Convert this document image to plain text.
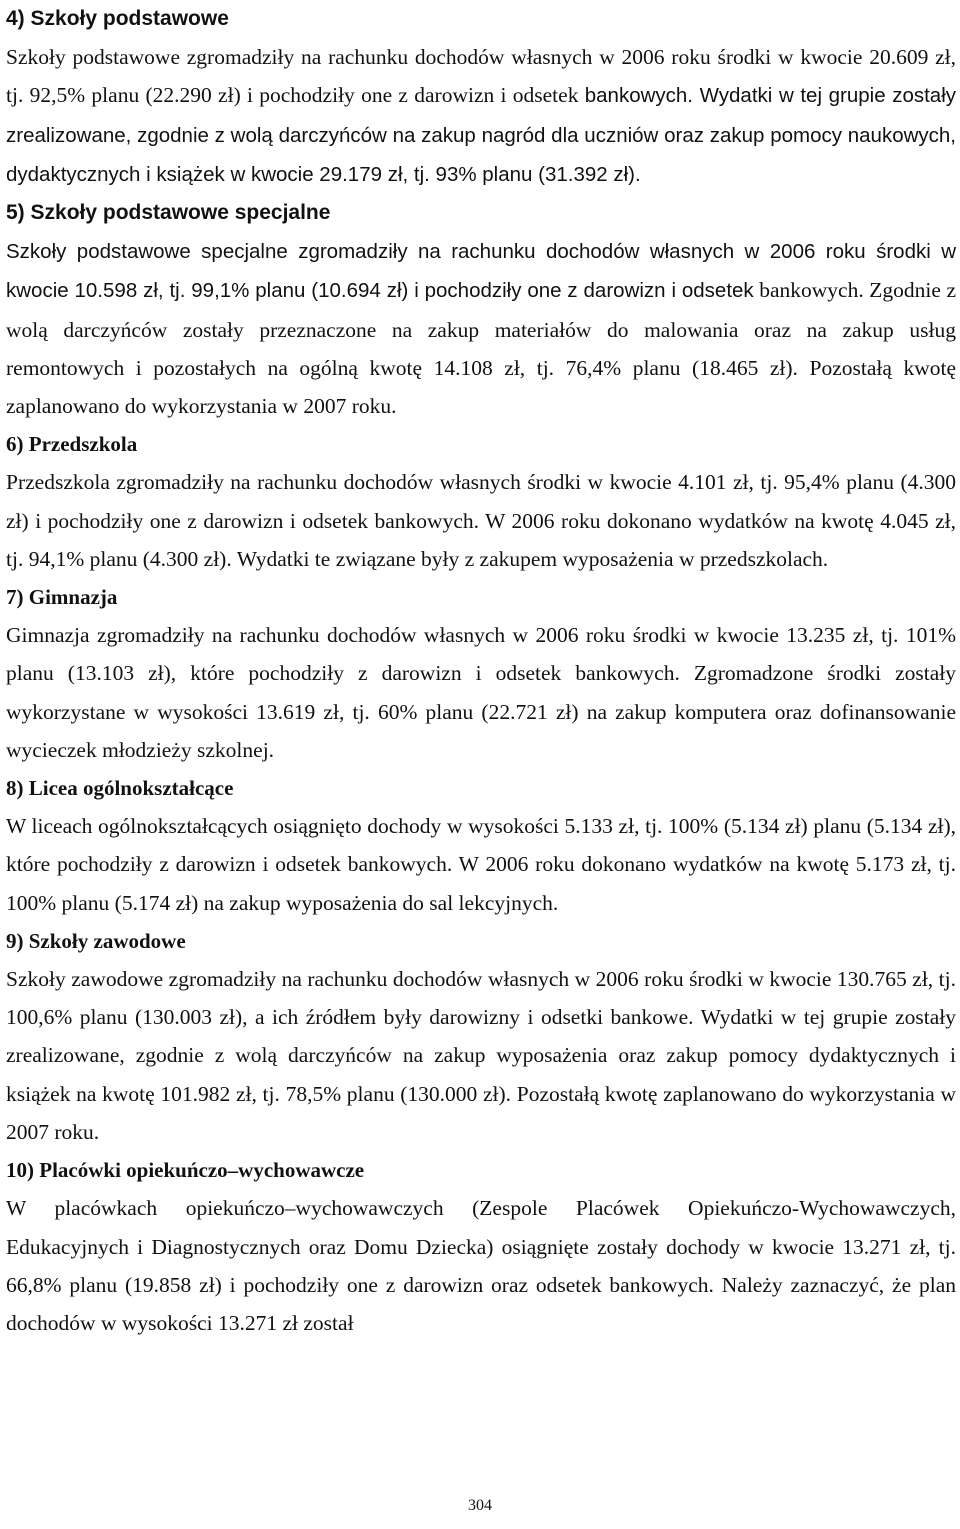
4) Szkoły podstawowe

Szkoły podstawowe zgromadziły na rachunku dochodów własnych w 2006 roku środki w kwocie 20.609 zł, tj. 92,5% planu (22.290 zł) i pochodziły one z darowizn i odsetek bankowych. Wydatki w tej grupie zostały zrealizowane, zgodnie z wolą darczyńców na zakup nagród dla uczniów oraz zakup pomocy naukowych, dydaktycznych i książek w kwocie 29.179 zł, tj. 93% planu (31.392 zł).

5) Szkoły podstawowe specjalne

Szkoły podstawowe specjalne zgromadziły na rachunku dochodów własnych w 2006 roku środki w kwocie 10.598 zł, tj. 99,1% planu (10.694 zł) i pochodziły one z darowizn i odsetek bankowych. Zgodnie z wolą darczyńców zostały przeznaczone na zakup materiałów do malowania oraz na zakup usług remontowych i pozostałych na ogólną kwotę 14.108 zł, tj. 76,4% planu (18.465 zł). Pozostałą kwotę zaplanowano do wykorzystania w 2007 roku.

6) Przedszkola

Przedszkola zgromadziły na rachunku dochodów własnych środki w kwocie 4.101 zł, tj. 95,4% planu (4.300 zł) i pochodziły one z darowizn i odsetek bankowych. W 2006 roku dokonano wydatków na kwotę 4.045 zł, tj. 94,1% planu (4.300 zł). Wydatki te związane były z zakupem wyposażenia w przedszkolach.

7) Gimnazja

Gimnazja zgromadziły na rachunku dochodów własnych w 2006 roku środki w kwocie 13.235 zł, tj. 101% planu (13.103 zł), które pochodziły z darowizn i odsetek bankowych. Zgromadzone środki zostały wykorzystane w wysokości 13.619 zł, tj. 60% planu (22.721 zł) na zakup komputera oraz dofinansowanie wycieczek młodzieży szkolnej.

8) Licea ogólnokształcące

W liceach ogólnokształcących osiągnięto dochody w wysokości 5.133 zł, tj. 100% (5.134 zł) planu (5.134 zł), które pochodziły z darowizn i odsetek bankowych. W 2006 roku dokonano wydatków na kwotę 5.173 zł, tj. 100% planu (5.174 zł) na zakup wyposażenia do sal lekcyjnych.

9) Szkoły zawodowe

Szkoły zawodowe zgromadziły na rachunku dochodów własnych w 2006 roku środki w kwocie 130.765 zł, tj. 100,6% planu (130.003 zł), a ich źródłem były darowizny i odsetki bankowe. Wydatki w tej grupie zostały zrealizowane, zgodnie z wolą darczyńców na zakup wyposażenia oraz zakup pomocy dydaktycznych i książek na kwotę 101.982 zł, tj. 78,5% planu (130.000 zł). Pozostałą kwotę zaplanowano do wykorzystania w 2007 roku.

10) Placówki opiekuńczo–wychowawcze

W placówkach opiekuńczo–wychowawczych (Zespole Placówek Opiekuńczo-Wychowawczych, Edukacyjnych i Diagnostycznych oraz Domu Dziecka) osiągnięte zostały dochody w kwocie 13.271 zł, tj. 66,8% planu (19.858 zł) i pochodziły one z darowizn oraz odsetek bankowych. Należy zaznaczyć, że plan dochodów w wysokości 13.271 zł został

304
